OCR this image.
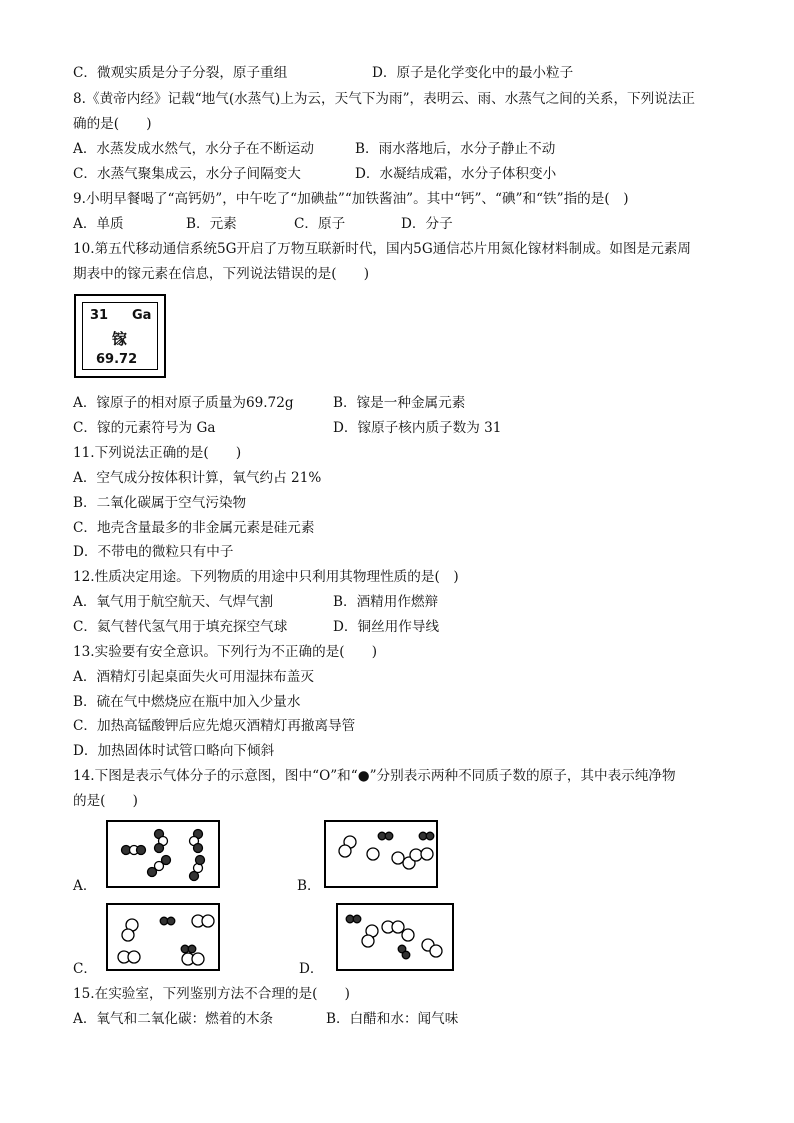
C．微观实质是分子分裂，原子重组	D．原子是化学变化中的最小粒子
8.《黄帝内经》记载“地气(水蒸气)上为云，天气下为雨”，表明云、雨、水蒸气之间的关系，下列说法正
确的是(　　)
A．水蒸发成水然气，水分子在不断运动	B．雨水落地后，水分子静止不动
C．水蒸气聚集成云，水分子间隔变大	D．水凝结成霜，水分子体积变小
9.小明早餐喝了“高钙奶”，中午吃了“加碘盐”“加铁酱油”。其中“钙”、“碘”和“铁”指的是(　)
A．单质	B．元素	C．原子	D．分子
10.第五代移动通信系统5G开启了万物互联新时代，国内5G通信芯片用氮化镓材料制成。如图是元素周
期表中的镓元素在信息，下列说法错误的是(　　)
31 Ga
镓
69.72
A．镓原子的相对原子质量为69.72g	B．镓是一种金属元素
C．镓的元素符号为 Ga	D．镓原子核内质子数为 31
11.下列说法正确的是(　　)
A．空气成分按体积计算，氧气约占 21%
B．二氧化碳属于空气污染物
C．地壳含量最多的非金属元素是硅元素
D．不带电的微粒只有中子
12.性质决定用途。下列物质的用途中只利用其物理性质的是(　)
A．氧气用于航空航天、气焊气割	B．酒精用作燃辩
C．氦气替代氢气用于填充探空气球	D．铜丝用作导线
13.实验要有安全意识。下列行为不正确的是(　　)
A．酒精灯引起桌面失火可用湿抹布盖灭
B．硫在气中燃烧应在瓶中加入少量水
C．加热高锰酸钾后应先熄灭酒精灯再撤离导管
D．加热固体时试管口略向下倾斜
14.下图是表示气体分子的示意图，图中“O”和“●”分别表示两种不同质子数的原子，其中表示纯净物
的是(　　)
A．	B．
C．	D．
15.在实验室，下列鉴别方法不合理的是(　　)
A．氧气和二氧化碳：燃着的木条	B．白醋和水：闻气味
